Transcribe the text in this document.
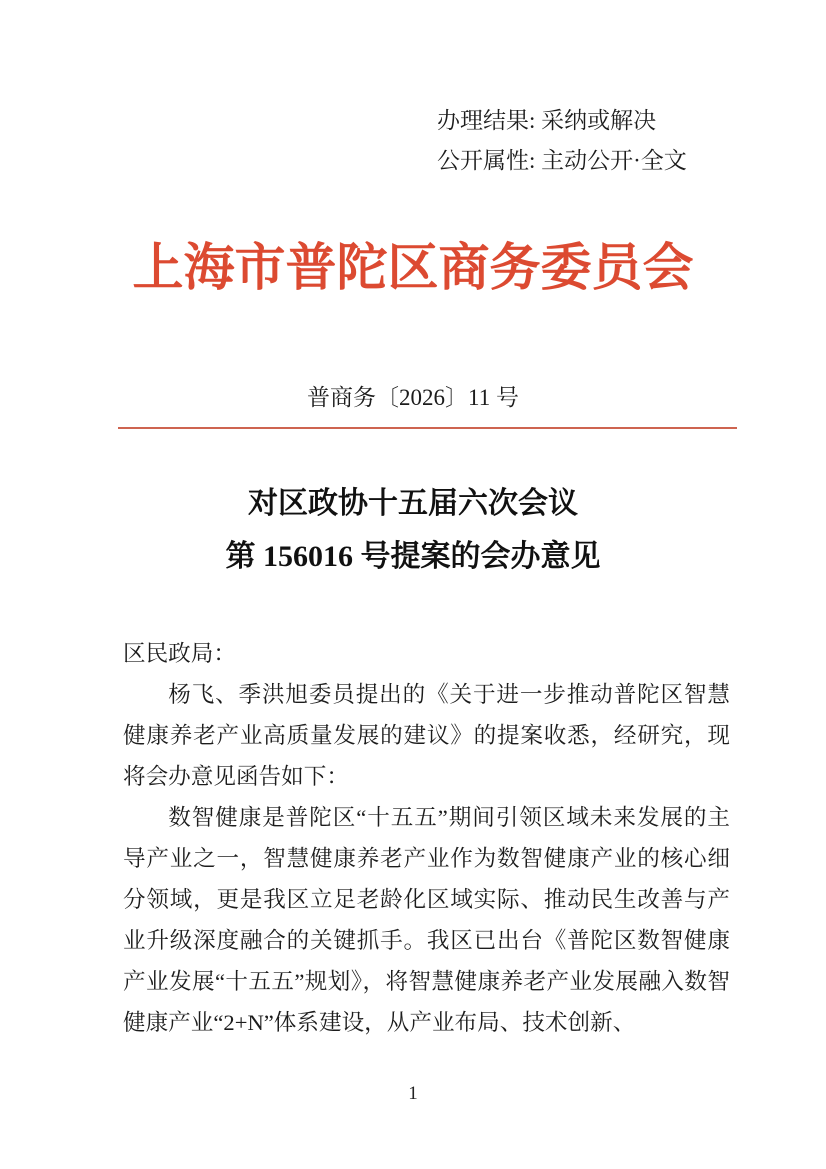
办理结果: 采纳或解决
公开属性: 主动公开·全文
上海市普陀区商务委员会
普商务〔2026〕11 号
对区政协十五届六次会议
第 156016 号提案的会办意见

区民政局：

杨飞、季洪旭委员提出的《关于进一步推动普陀区智慧健康养老产业高质量发展的建议》的提案收悉，经研究，现将会办意见函告如下：

数智健康是普陀区“十五五”期间引领区域未来发展的主导产业之一，智慧健康养老产业作为数智健康产业的核心细分领域，更是我区立足老龄化区域实际、推动民生改善与产业升级深度融合的关键抓手。我区已出台《普陀区数智健康产业发展“十五五”规划》，将智慧健康养老产业发展融入数智健康产业“2+N”体系建设，从产业布局、技术创新、

1
